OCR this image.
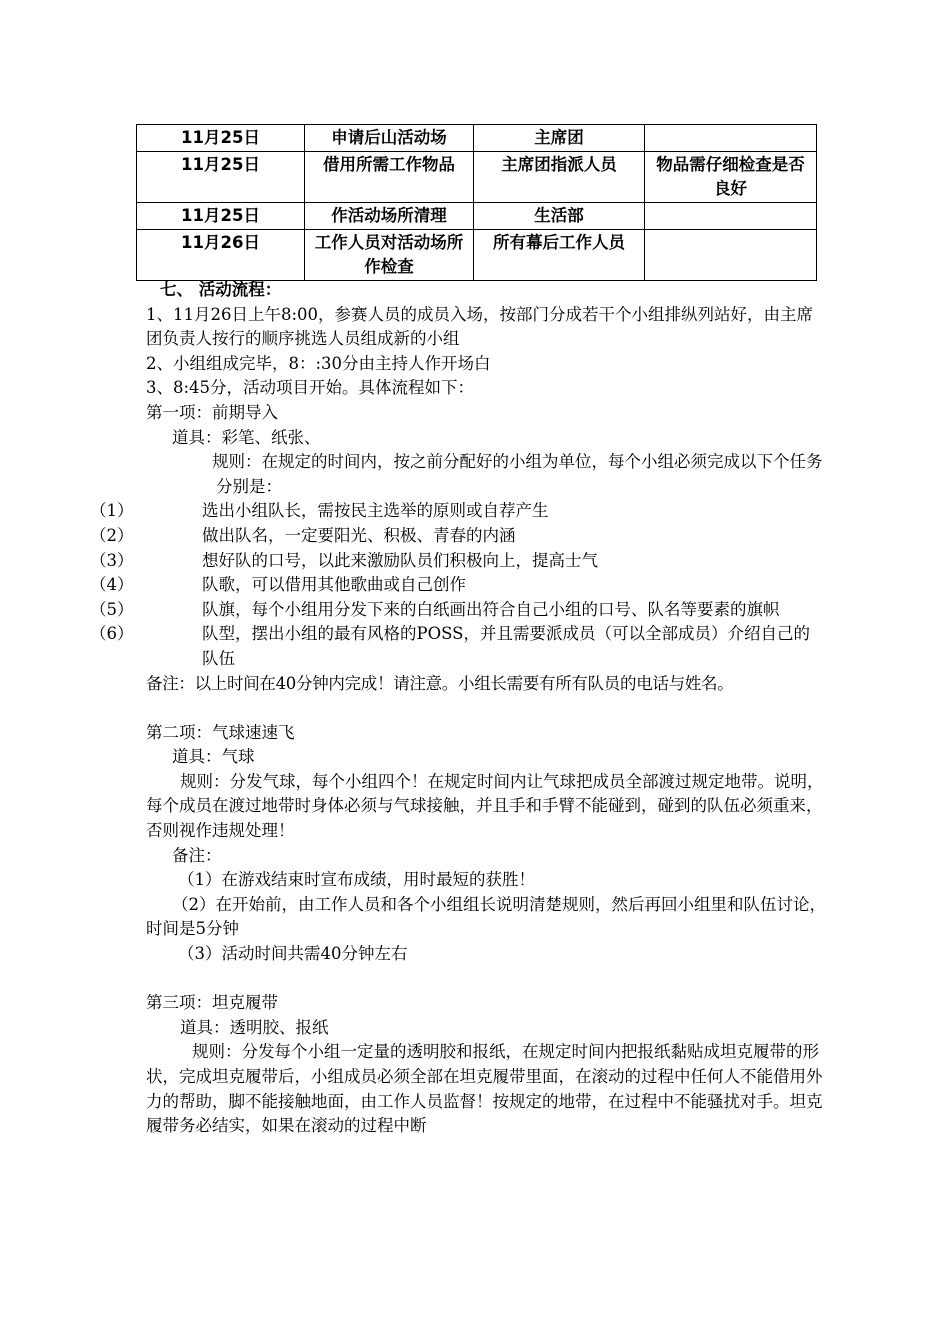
11月25日	申请后山活动场	主席团	
11月25日	借用所需工作物品	主席团指派人员	物品需仔细检查是否良好
11月25日	作活动场所清理	生活部	
11月26日	工作人员对活动场所作检查	所有幕后工作人员	
七、 活动流程：
1、11月26日上午8:00，参赛人员的成员入场，按部门分成若干个小组排纵列站好，由主席团负责人按行的顺序挑选人员组成新的小组
2、小组组成完毕，8：:30分由主持人作开场白
3、8:45分，活动项目开始。具体流程如下：
第一项：前期导入
道具：彩笔、纸张、
规则：在规定的时间内，按之前分配好的小组为单位，每个小组必须完成以下个任务
分别是：
（1）	选出小组队长，需按民主选举的原则或自荐产生
（2）	做出队名，一定要阳光、积极、青春的内涵
（3）	想好队的口号，以此来激励队员们积极向上，提高士气
（4）	队歌，可以借用其他歌曲或自己创作
（5）	队旗，每个小组用分发下来的白纸画出符合自己小组的口号、队名等要素的旗帜
（6）	队型，摆出小组的最有风格的POSS，并且需要派成员（可以全部成员）介绍自己的队伍
备注：以上时间在40分钟内完成！请注意。小组长需要有所有队员的电话与姓名。
第二项：气球速速飞
道具：气球
规则：分发气球，每个小组四个！在规定时间内让气球把成员全部渡过规定地带。说明，每个成员在渡过地带时身体必须与气球接触，并且手和手臂不能碰到，碰到的队伍必须重来，否则视作违规处理！
备注：
（1）在游戏结束时宣布成绩，用时最短的获胜！
（2）在开始前，由工作人员和各个小组组长说明清楚规则，然后再回小组里和队伍讨论，时间是5分钟
（3）活动时间共需40分钟左右
第三项：坦克履带
道具：透明胶、报纸
规则：分发每个小组一定量的透明胶和报纸，在规定时间内把报纸黏贴成坦克履带的形状，完成坦克履带后，小组成员必须全部在坦克履带里面，在滚动的过程中任何人不能借用外力的帮助，脚不能接触地面，由工作人员监督！按规定的地带，在过程中不能骚扰对手。坦克履带务必结实，如果在滚动的过程中断
